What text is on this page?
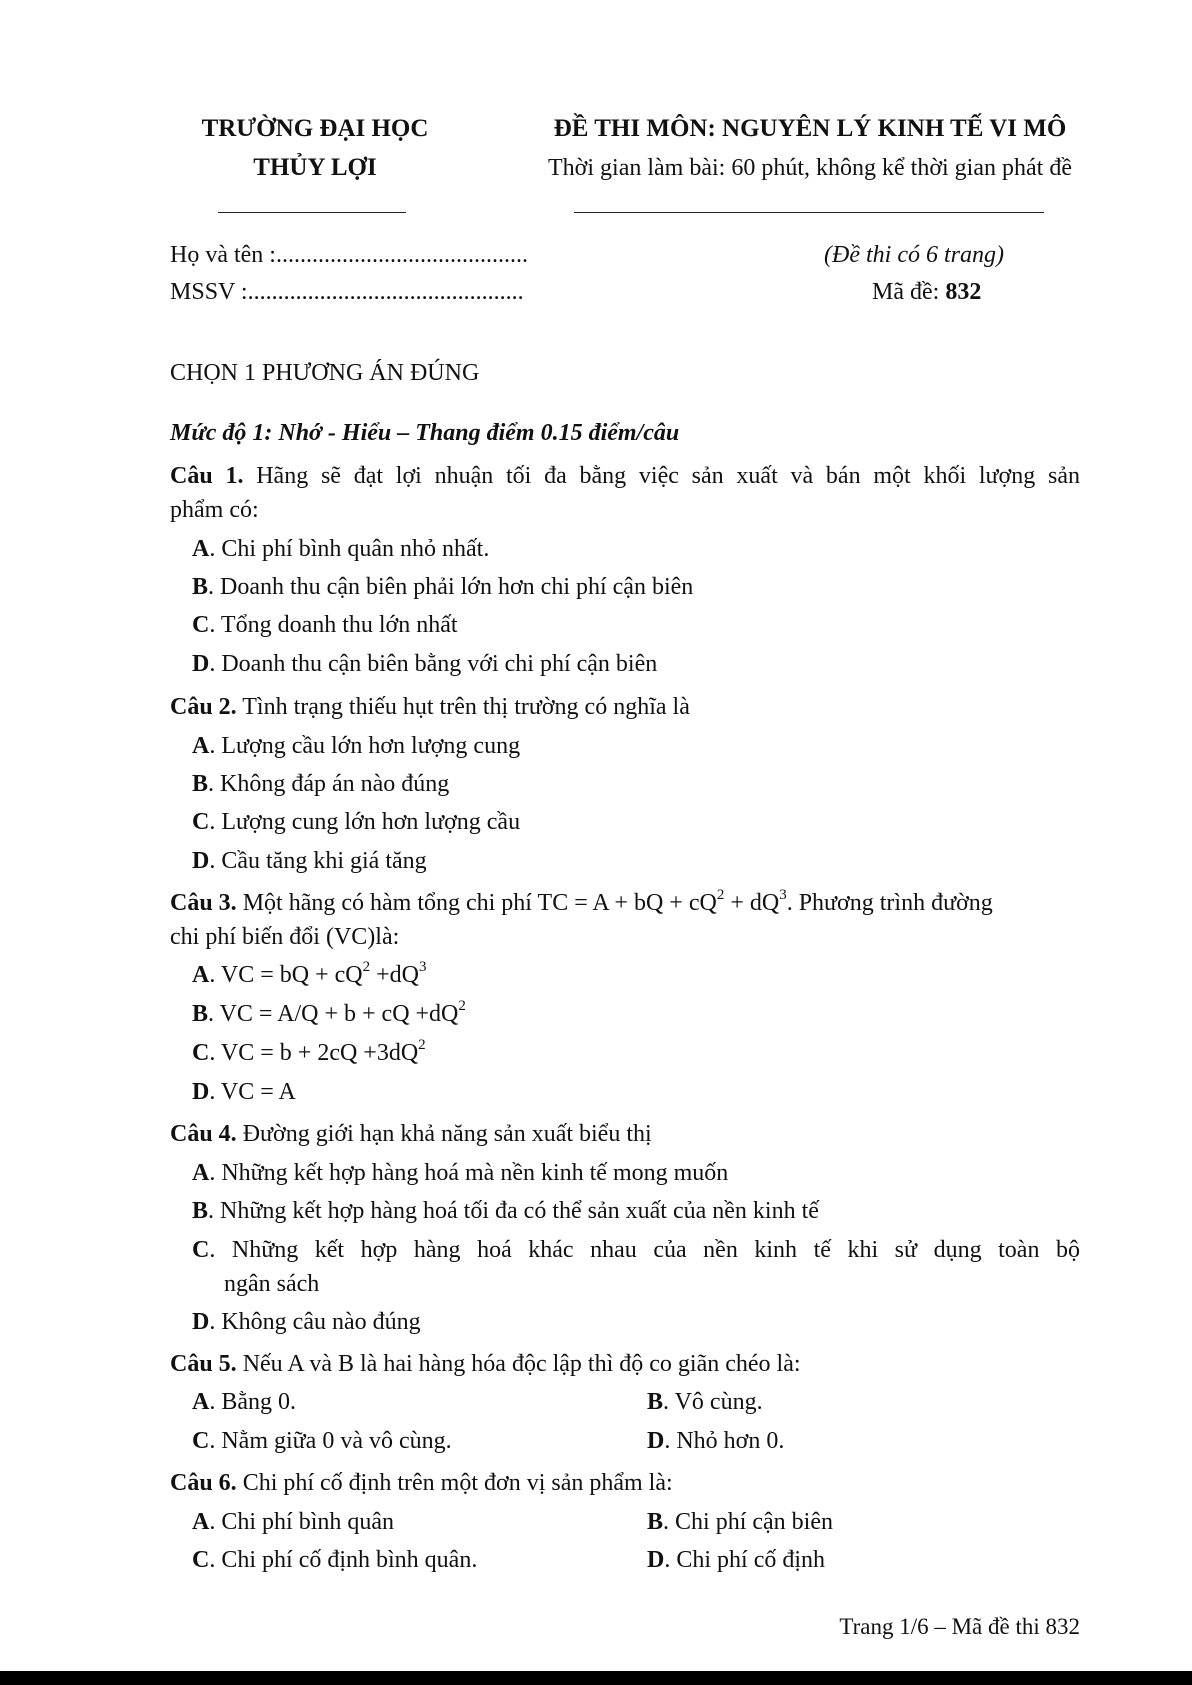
TRƯỜNG ĐẠI HỌC
THỦY LỢI
ĐỀ THI MÔN: NGUYÊN LÝ KINH TẾ VI MÔ
Thời gian làm bài: 60 phút, không kể thời gian phát đề
Họ và tên :..........................................
MSSV :..............................................
(Đề thi có 6 trang)
Mã đề: 832
CHỌN 1 PHƯƠNG ÁN ĐÚNG
Mức độ 1: Nhớ - Hiểu – Thang điểm 0.15 điểm/câu
Câu 1. Hãng sẽ đạt lợi nhuận tối đa bằng việc sản xuất và bán một khối lượng sản
phẩm có:
A. Chi phí bình quân nhỏ nhất.
B. Doanh thu cận biên phải lớn hơn chi phí cận biên
C. Tổng doanh thu lớn nhất
D. Doanh thu cận biên bằng với chi phí cận biên
Câu 2. Tình trạng thiếu hụt trên thị trường có nghĩa là
A. Lượng cầu lớn hơn lượng cung
B. Không đáp án nào đúng
C. Lượng cung lớn hơn lượng cầu
D. Cầu tăng khi giá tăng
Câu 3. Một hãng có hàm tổng chi phí TC = A + bQ + $cQ^2 + dQ^3$. Phương trình đường
chi phí biến đổi (VC)là:
A. VC = bQ + $cQ^2 +dQ^3$
B. VC = A/Q + b + cQ $+dQ^2$
C. VC = $b + 2cQ +3dQ^2$
D. VC = A
Câu 4. Đường giới hạn khả năng sản xuất biểu thị
A. Những kết hợp hàng hoá mà nền kinh tế mong muốn
B. Những kết hợp hàng hoá tối đa có thể sản xuất của nền kinh tế
C. Những kết hợp hàng hoá khác nhau của nền kinh tế khi sử dụng toàn bộ
ngân sách
D. Không câu nào đúng
Câu 5. Nếu A và B là hai hàng hóa độc lập thì độ co giãn chéo là:
A. Bằng 0.	B. Vô cùng.
C. Nằm giữa 0 và vô cùng.	D. Nhỏ hơn 0.
Câu 6. Chi phí cố định trên một đơn vị sản phẩm là:
A. Chi phí bình quân	B. Chi phí cận biên
C. Chi phí cố định bình quân.	D. Chi phí cố định
Trang 1/6 – Mã đề thi 832
